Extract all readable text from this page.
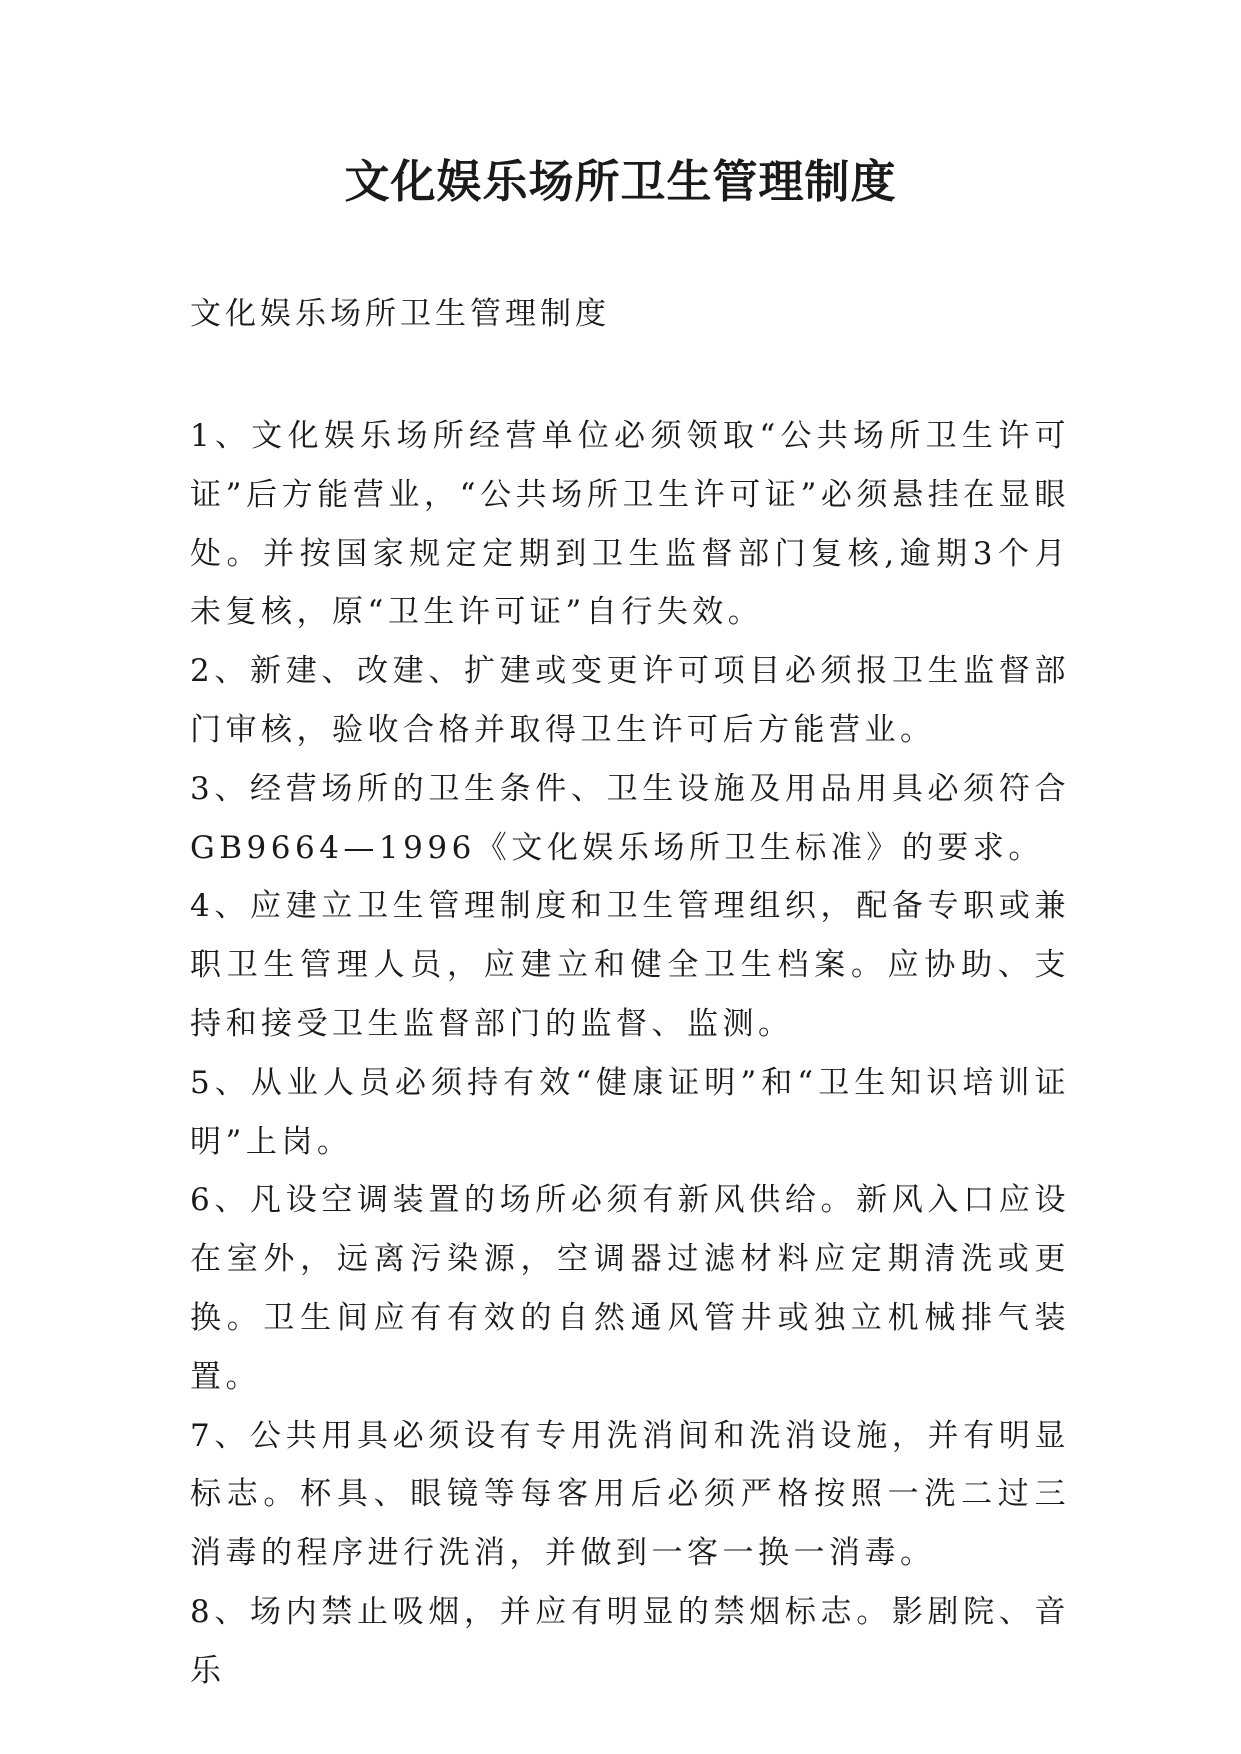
文化娱乐场所卫生管理制度

文化娱乐场所卫生管理制度

1、文化娱乐场所经营单位必须领取“公共场所卫生许可证”后方能营业，“公共场所卫生许可证”必须悬挂在显眼处。并按国家规定定期到卫生监督部门复核,逾期3个月未复核，原“卫生许可证”自行失效。

2、新建、改建、扩建或变更许可项目必须报卫生监督部门审核，验收合格并取得卫生许可后方能营业。

3、经营场所的卫生条件、卫生设施及用品用具必须符合GB9664—1996《文化娱乐场所卫生标准》的要求。

4、应建立卫生管理制度和卫生管理组织，配备专职或兼职卫生管理人员，应建立和健全卫生档案。应协助、支持和接受卫生监督部门的监督、监测。

5、从业人员必须持有效“健康证明”和“卫生知识培训证明”上岗。

6、凡设空调装置的场所必须有新风供给。新风入口应设在室外，远离污染源，空调器过滤材料应定期清洗或更换。卫生间应有有效的自然通风管井或独立机械排气装置。

7、公共用具必须设有专用洗消间和洗消设施，并有明显标志。杯具、眼镜等每客用后必须严格按照一洗二过三消毒的程序进行洗消，并做到一客一换一消毒。

8、场内禁止吸烟，并应有明显的禁烟标志。影剧院、音乐
